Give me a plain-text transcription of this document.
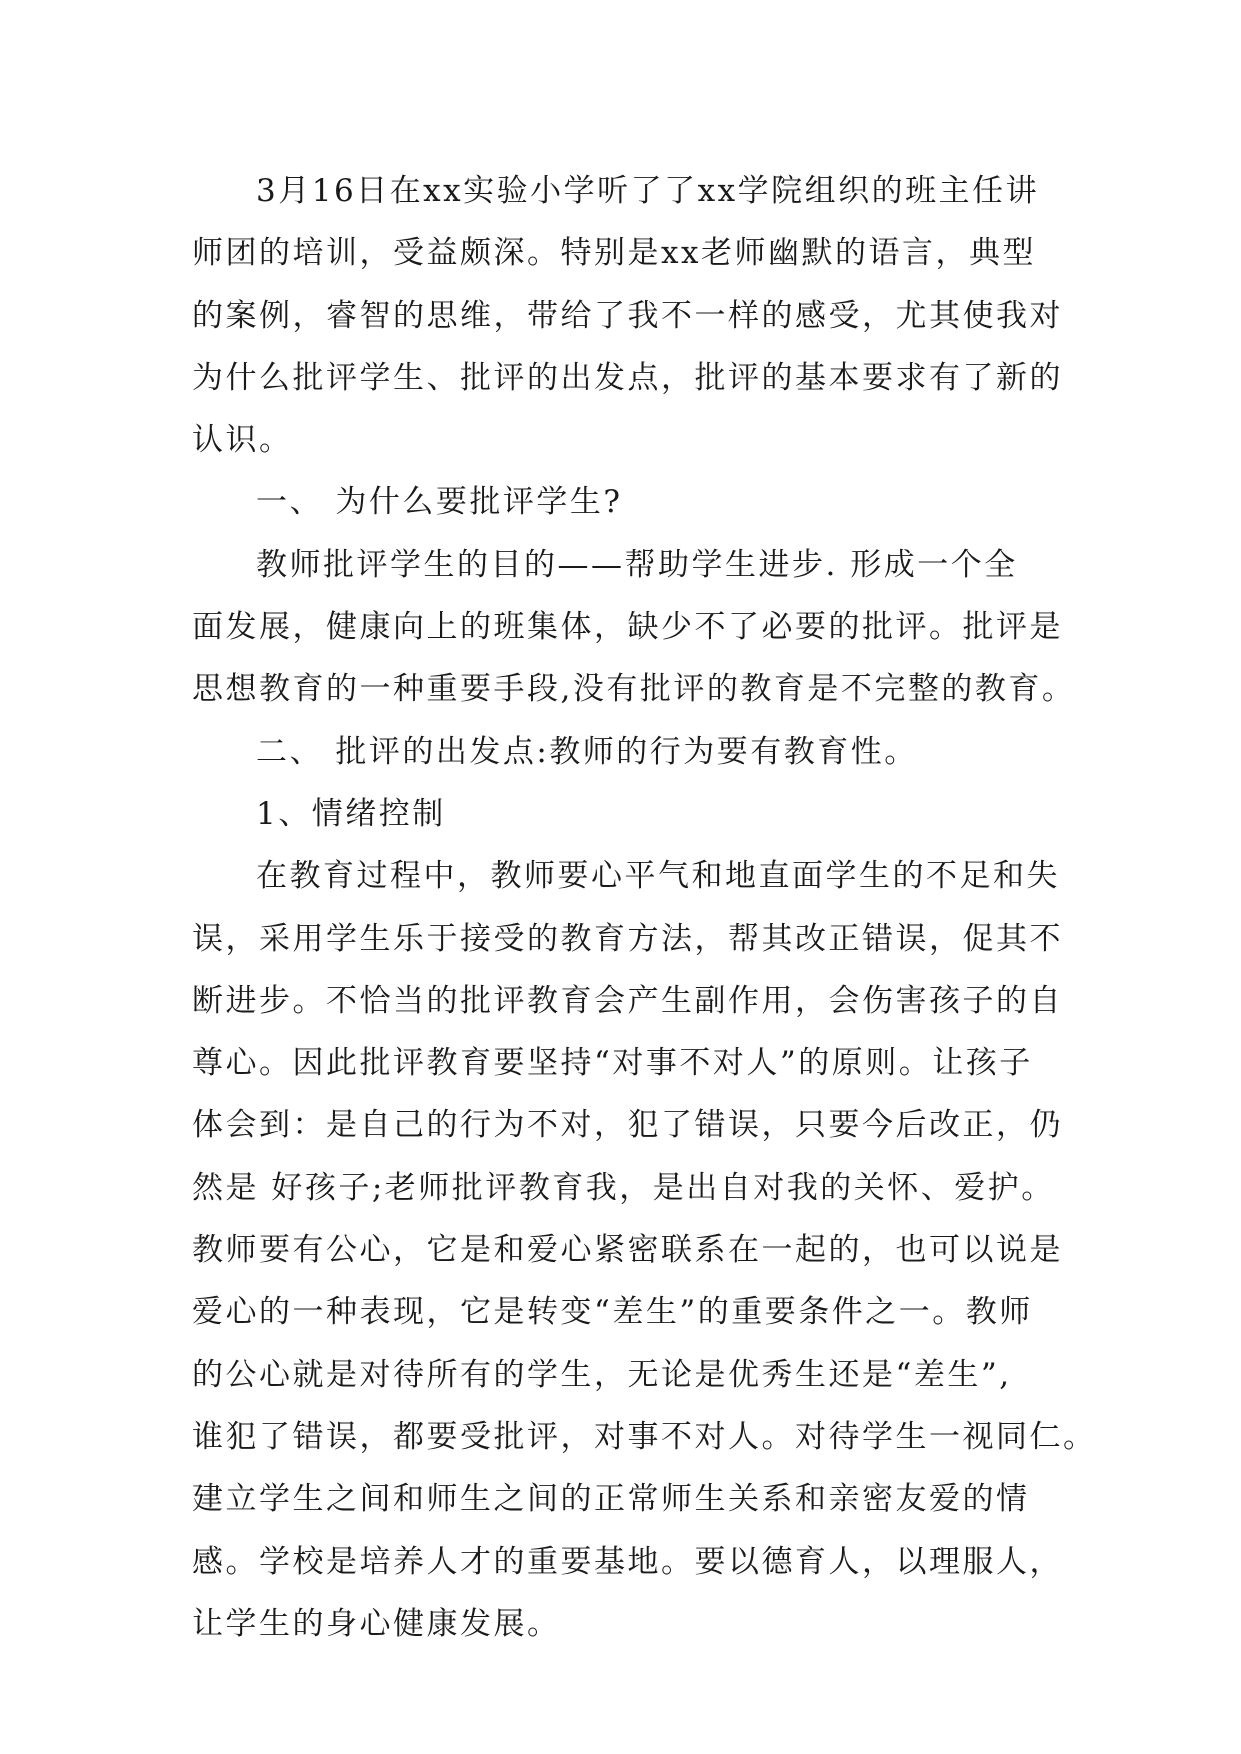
3月16日在xx实验小学听了了xx学院组织的班主任讲
师团的培训，受益颇深。特别是xx老师幽默的语言，典型
的案例，睿智的思维，带给了我不一样的感受，尤其使我对
为什么批评学生、批评的出发点，批评的基本要求有了新的
认识。
一、 为什么要批评学生?
教师批评学生的目的——帮助学生进步. 形成一个全
面发展，健康向上的班集体，缺少不了必要的批评。批评是
思想教育的一种重要手段,没有批评的教育是不完整的教育。
二、 批评的出发点:教师的行为要有教育性。
1、情绪控制
在教育过程中，教师要心平气和地直面学生的不足和失
误，采用学生乐于接受的教育方法，帮其改正错误，促其不
断进步。不恰当的批评教育会产生副作用，会伤害孩子的自
尊心。因此批评教育要坚持“对事不对人”的原则。让孩子
体会到：是自己的行为不对，犯了错误，只要今后改正，仍
然是 好孩子;老师批评教育我，是出自对我的关怀、爱护。
教师要有公心，它是和爱心紧密联系在一起的，也可以说是
爱心的一种表现，它是转变“差生”的重要条件之一。教师
的公心就是对待所有的学生，无论是优秀生还是“差生”,
谁犯了错误，都要受批评，对事不对人。对待学生一视同仁。
建立学生之间和师生之间的正常师生关系和亲密友爱的情
感。学校是培养人才的重要基地。要以德育人，以理服人，
让学生的身心健康发展。
